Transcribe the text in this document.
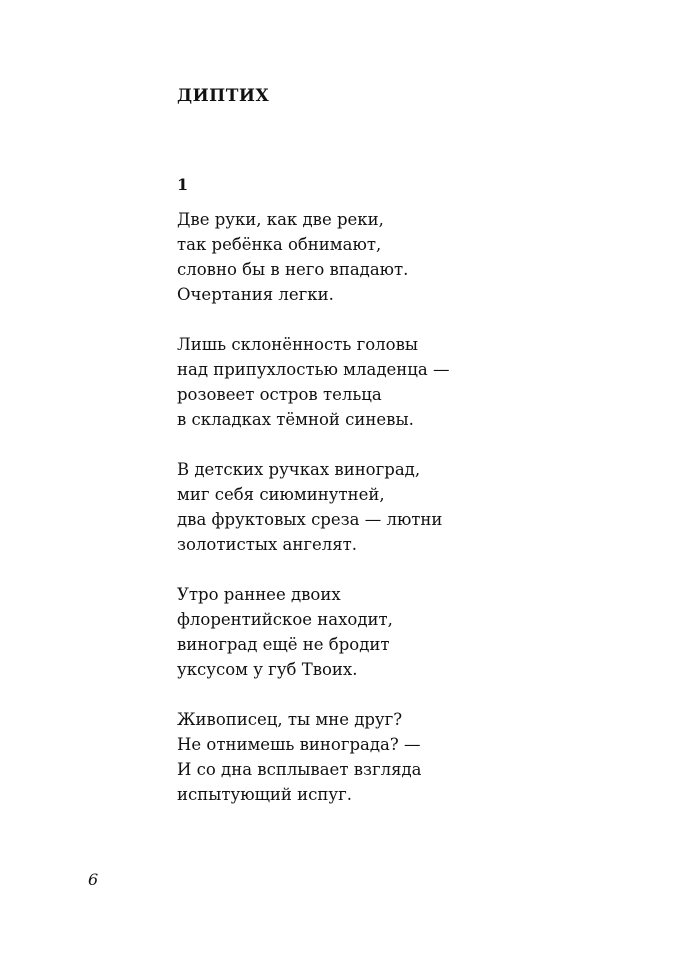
ДИПТИХ
1
Две руки, как две реки,
так ребёнка обнимают,
словно бы в него впадают.
Очертания легки.
Лишь склонённость головы
над припухлостью младенца —
розовеет остров тельца
в складках тёмной синевы.
В детских ручках виноград,
миг себя сиюминутней,
два фруктовых среза — лютни
золотистых ангелят.
Утро раннее двоих
флорентийское находит,
виноград ещё не бродит
уксусом у губ Твоих.
Живописец, ты мне друг?
Не отнимешь винограда? —
И со дна всплывает взгляда
испытующий испуг.
6
